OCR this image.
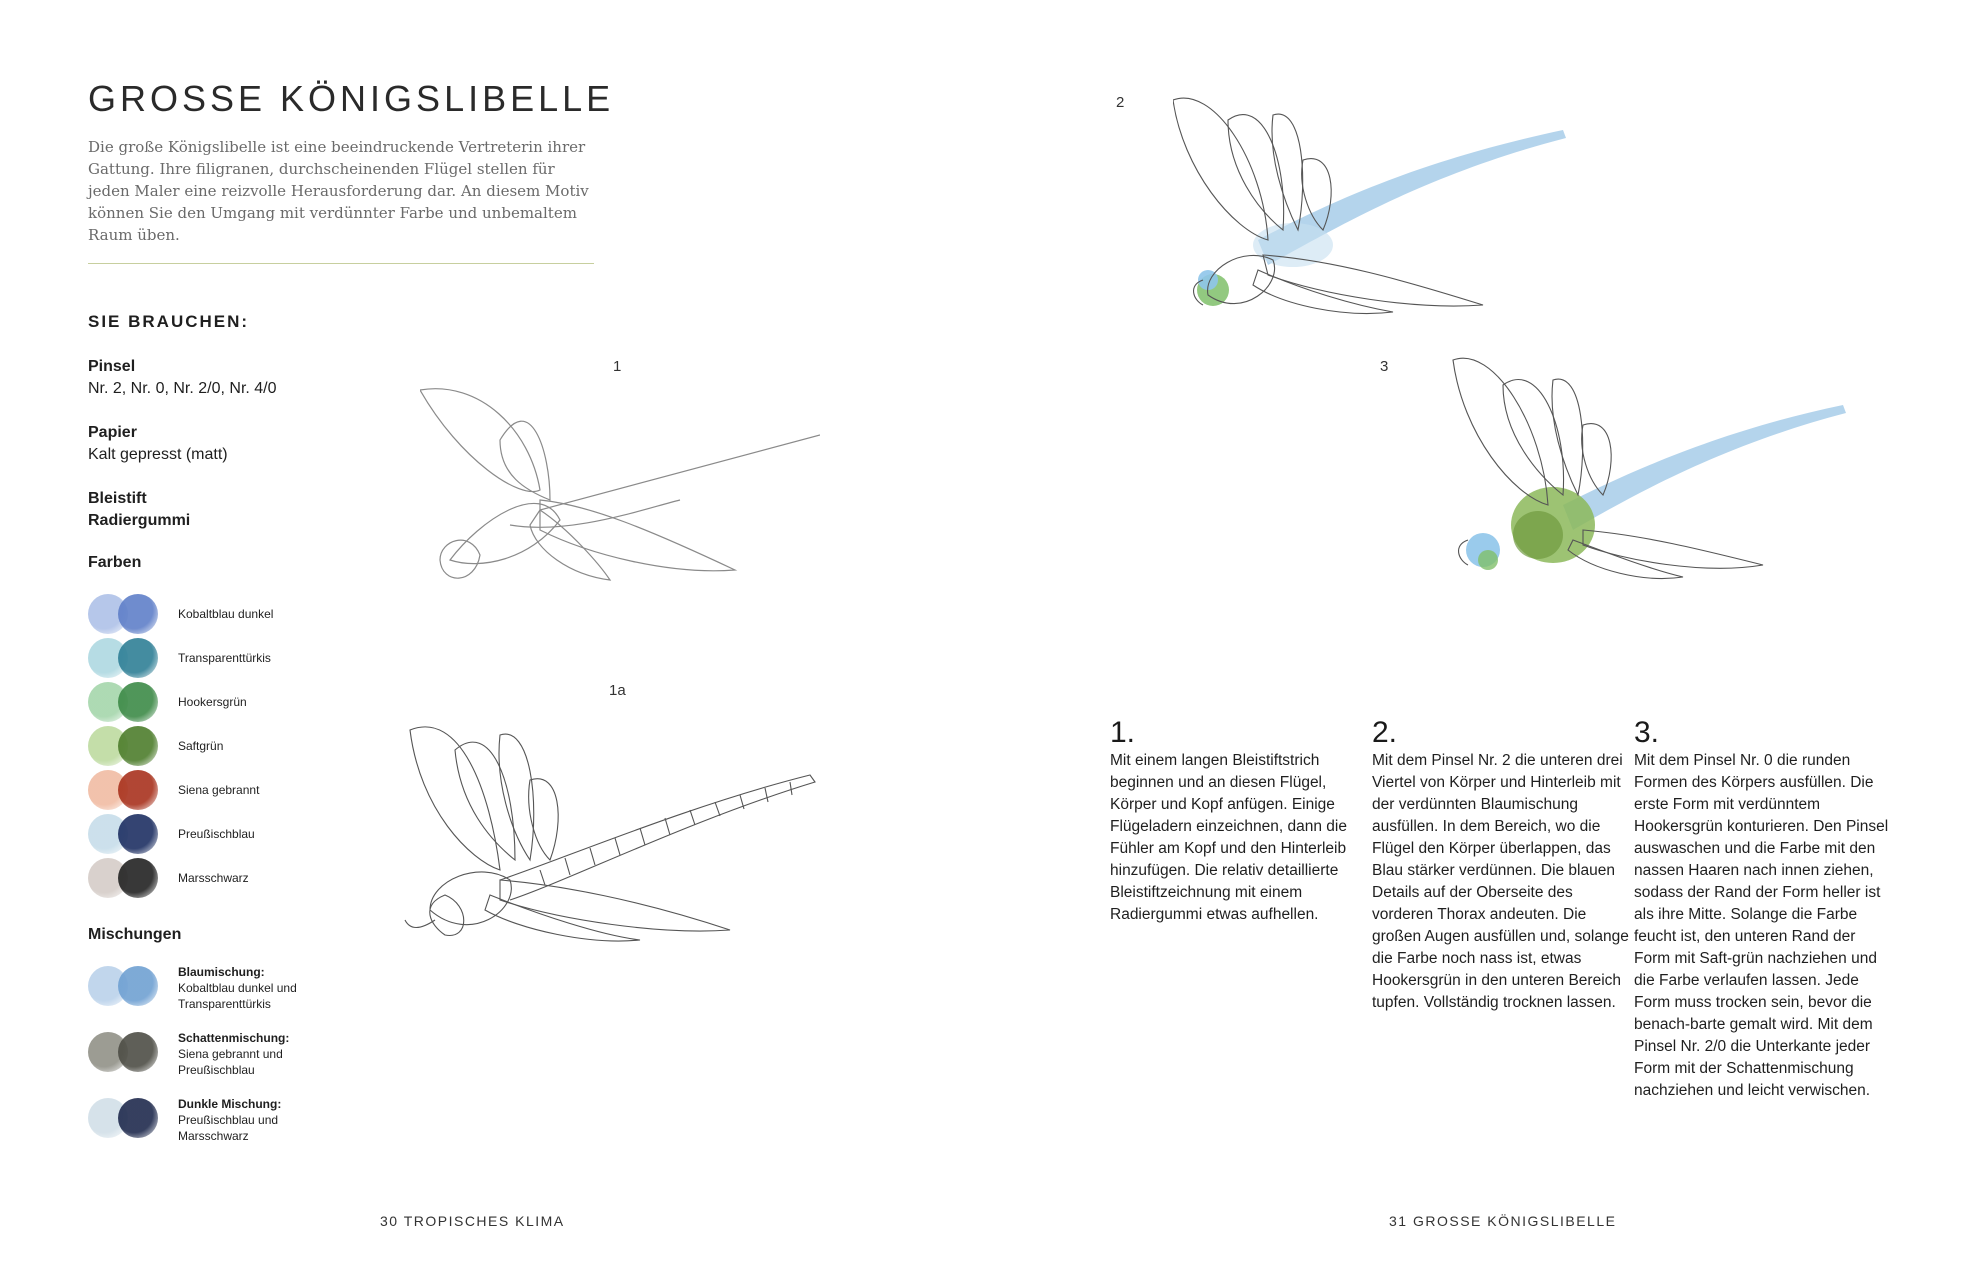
GROSSE KÖNIGSLIBELLE

Die große Königslibelle ist eine beeindruckende Vertreterin ihrer Gattung. Ihre filigranen, durchscheinenden Flügel stellen für jeden Maler eine reizvolle Herausforderung dar. An diesem Motiv können Sie den Umgang mit verdünnter Farbe und unbemaltem Raum üben.

SIE BRAUCHEN:
Pinsel
Nr. 2, Nr. 0, Nr. 2/0, Nr. 4/0
Papier
Kalt gepresst (matt)
Bleistift
Radiergummi
Farben
Kobaltblau dunkel
Transparenttürkis
Hookersgrün
Saftgrün
Siena gebrannt
Preußischblau
Marsschwarz
Mischungen
Blaumischung:
Kobaltblau dunkel und Transparenttürkis
Schattenmischung:
Siena gebrannt und Preußischblau
Dunkle Mischung:
Preußischblau und Marsschwarz
1
1a
30 TROPISCHES KLIMA
2
3
1.
Mit einem langen Bleistiftstrich beginnen und an diesen Flügel, Körper und Kopf anfügen. Einige Flügeladern einzeichnen, dann die Fühler am Kopf und den Hinterleib hinzufügen. Die relativ detaillierte Bleistiftzeichnung mit einem Radiergummi etwas aufhellen.
2.
Mit dem Pinsel Nr. 2 die unteren drei Viertel von Körper und Hinterleib mit der verdünnten Blaumischung ausfüllen. In dem Bereich, wo die Flügel den Körper überlappen, das Blau stärker verdünnen. Die blauen Details auf der Oberseite des vorderen Thorax andeuten. Die großen Augen ausfüllen und, solange die Farbe noch nass ist, etwas Hookersgrün in den unteren Bereich tupfen. Vollständig trocknen lassen.
3.
Mit dem Pinsel Nr. 0 die runden Formen des Körpers ausfüllen. Die erste Form mit verdünntem Hookersgrün konturieren. Den Pinsel auswaschen und die Farbe mit den nassen Haaren nach innen ziehen, sodass der Rand der Form heller ist als ihre Mitte. Solange die Farbe feucht ist, den unteren Rand der Form mit Saft-grün nachziehen und die Farbe verlaufen lassen. Jede Form muss trocken sein, bevor die benach-barte gemalt wird. Mit dem Pinsel Nr. 2/0 die Unterkante jeder Form mit der Schattenmischung nachziehen und leicht verwischen.
31 GROSSE KÖNIGSLIBELLE
